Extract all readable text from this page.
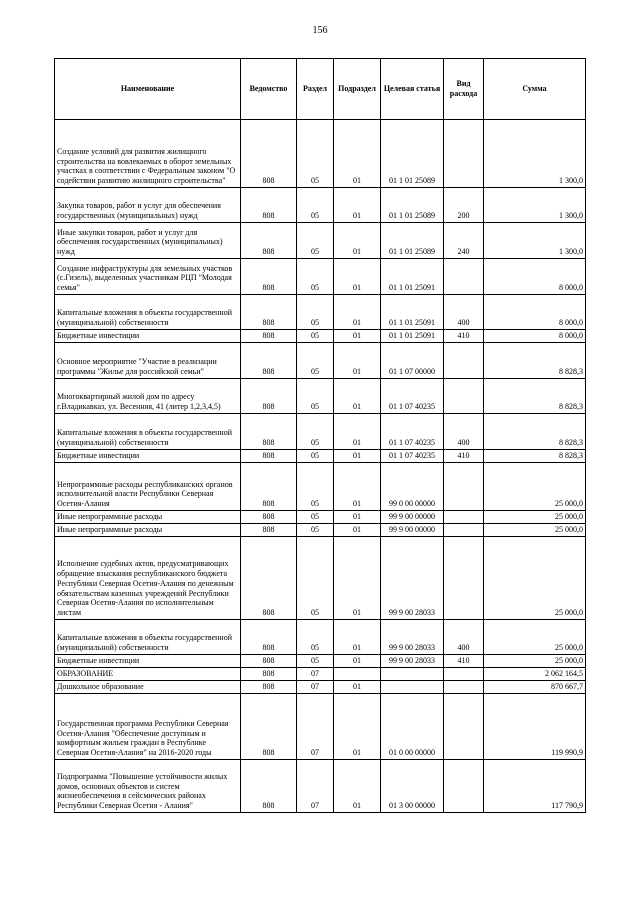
156
Наименование	Ведомство	Раздел	Подраздел	Целевая статья	Вид расхода	Сумма
Создание условий для развития жилищного строительства на вовлекаемых в оборот земельных участках в соответствии с Федеральным законом "О содействии развитию жилищного строительства"	808	05	01	01 1 01 25089		1 300,0
Закупка товаров, работ и услуг для обеспечения государственных (муниципальных) нужд	808	05	01	01 1 01 25089	200	1 300,0
Иные закупки товаров, работ и услуг для обеспечения государственных (муниципальных) нужд	808	05	01	01 1 01 25089	240	1 300,0
Создание инфраструктуры для земельных участков (с.Гизель), выделенных участникам РЦП "Молодая семья"	808	05	01	01 1 01 25091		8 000,0
Капитальные вложения в объекты государственной (муниципальной) собственности	808	05	01	01 1 01 25091	400	8 000,0
Бюджетные инвестиции	808	05	01	01 1 01 25091	410	8 000,0
Основное мероприятие "Участие в реализации программы "Жилье для российской семьи"	808	05	01	01 1 07 00000		8 828,3
Многоквартирный жилой дом по адресу г.Владикавказ, ул. Весенняя, 41 (литер 1,2,3,4,5)	808	05	01	01 1 07 40235		8 828,3
Капитальные вложения в объекты государственной (муниципальной) собственности	808	05	01	01 1 07 40235	400	8 828,3
Бюджетные инвестиции	808	05	01	01 1 07 40235	410	8 828,3
Непрограммные расходы республиканских органов исполнительной власти Республики Северная Осетия-Алания	808	05	01	99 0 00 00000		25 000,0
Иные непрограммные расходы	808	05	01	99 9 00 00000		25 000,0
Иные непрограммные расходы	808	05	01	99 9 00 00000		25 000,0
Исполнение судебных актов, предусматривающих обращение взыскания республиканского бюджета Республики Северная Осетия-Алания по денежным обязательствам казенных учреждений Республики Северная Осетия-Алания по исполнительным листам	808	05	01	99 9 00 28033		25 000,0
Капитальные вложения в объекты государственной (муниципальной) собственности	808	05	01	99 9 00 28033	400	25 000,0
Бюджетные инвестиции	808	05	01	99 9 00 28033	410	25 000,0
ОБРАЗОВАНИЕ	808	07				2 062 164,5
Дошкольное образование	808	07	01			870 667,7
Государственная программа Республики Северная Осетия-Алания "Обеспечение доступным и комфортным жильем граждан в Республике Северная Осетия-Алания" на 2016-2020 годы	808	07	01	01 0 00 00000		119 990,9
Подпрограмма "Повышение устойчивости жилых домов, основных объектов и систем жизнеобеспечения в сейсмических районах Республики Северная Осетия - Алания"	808	07	01	01 3 00 00000		117 790,9
